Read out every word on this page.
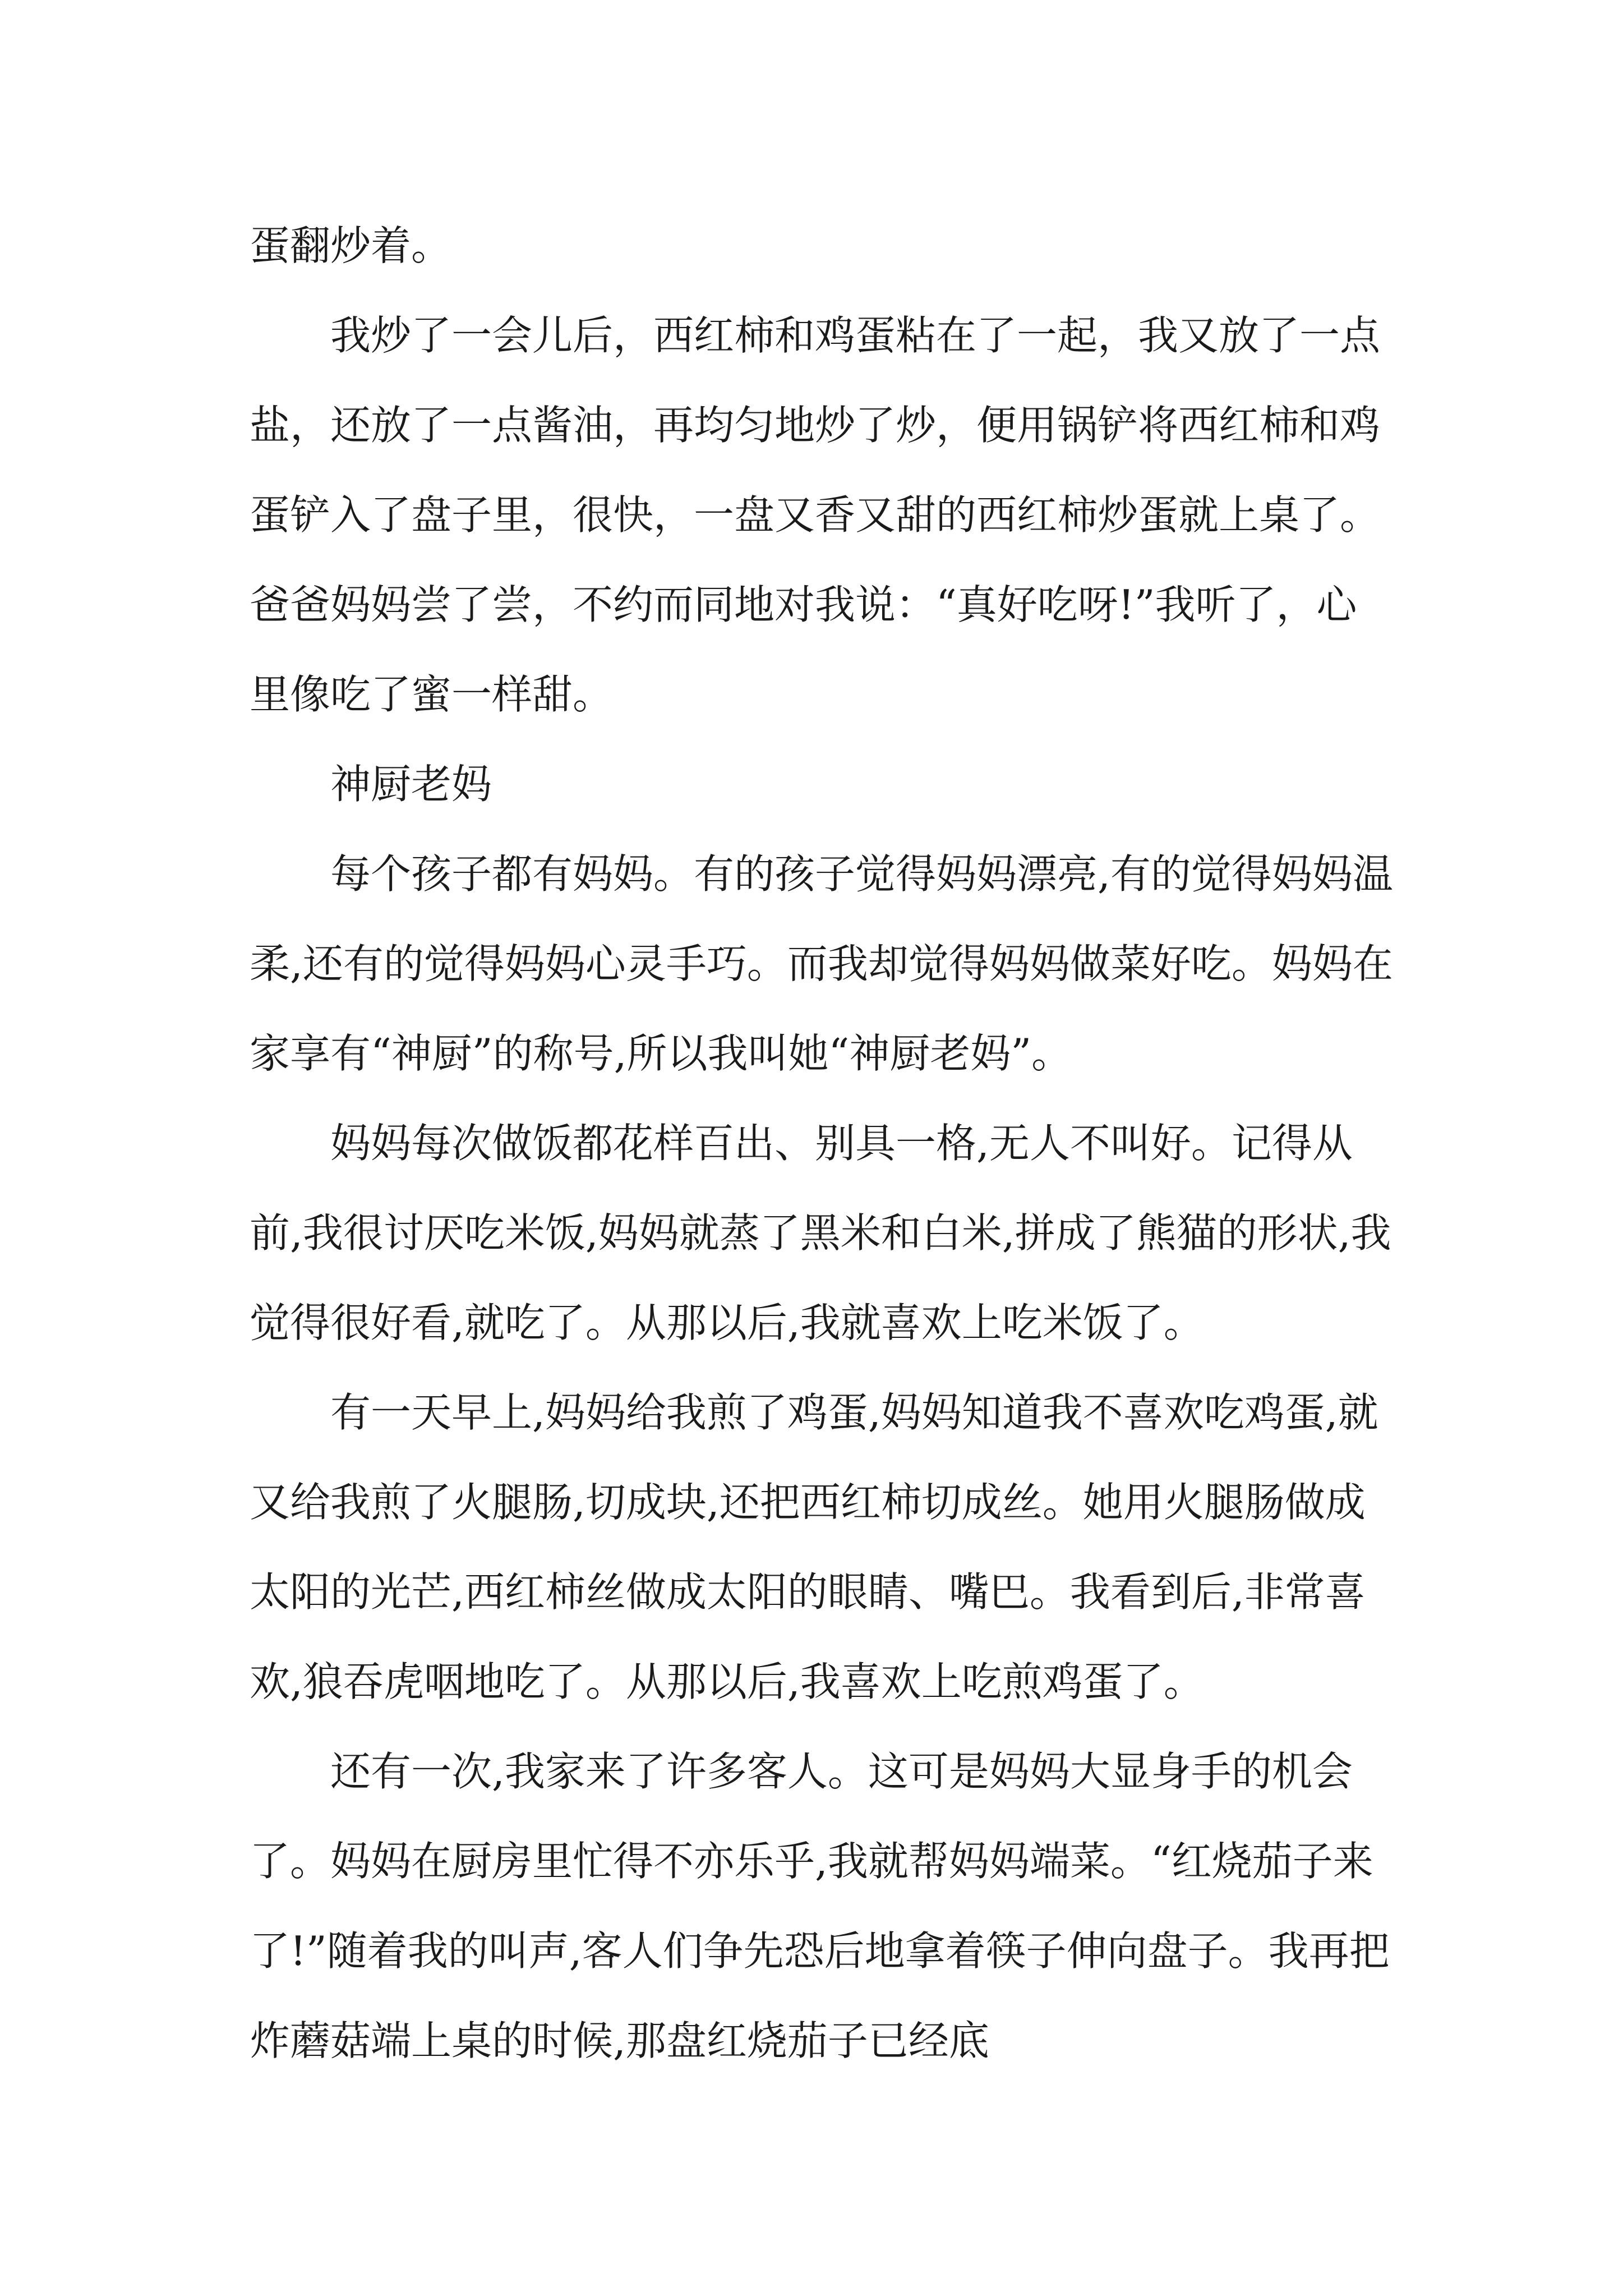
蛋翻炒着。

我炒了一会儿后，西红柿和鸡蛋粘在了一起，我又放了一点盐，还放了一点酱油，再均匀地炒了炒，便用锅铲将西红柿和鸡蛋铲入了盘子里，很快，一盘又香又甜的西红柿炒蛋就上桌了。爸爸妈妈尝了尝，不约而同地对我说：“真好吃呀!”我听了，心里像吃了蜜一样甜。

神厨老妈

每个孩子都有妈妈。有的孩子觉得妈妈漂亮,有的觉得妈妈温柔,还有的觉得妈妈心灵手巧。而我却觉得妈妈做菜好吃。妈妈在家享有“神厨”的称号,所以我叫她“神厨老妈”。

妈妈每次做饭都花样百出、别具一格,无人不叫好。记得从前,我很讨厌吃米饭,妈妈就蒸了黑米和白米,拼成了熊猫的形状,我觉得很好看,就吃了。从那以后,我就喜欢上吃米饭了。

有一天早上,妈妈给我煎了鸡蛋,妈妈知道我不喜欢吃鸡蛋,就又给我煎了火腿肠,切成块,还把西红柿切成丝。她用火腿肠做成太阳的光芒,西红柿丝做成太阳的眼睛、嘴巴。我看到后,非常喜欢,狼吞虎咽地吃了。从那以后,我喜欢上吃煎鸡蛋了。

还有一次,我家来了许多客人。这可是妈妈大显身手的机会了。妈妈在厨房里忙得不亦乐乎,我就帮妈妈端菜。“红烧茄子来了!”随着我的叫声,客人们争先恐后地拿着筷子伸向盘子。我再把炸蘑菇端上桌的时候,那盘红烧茄子已经底
